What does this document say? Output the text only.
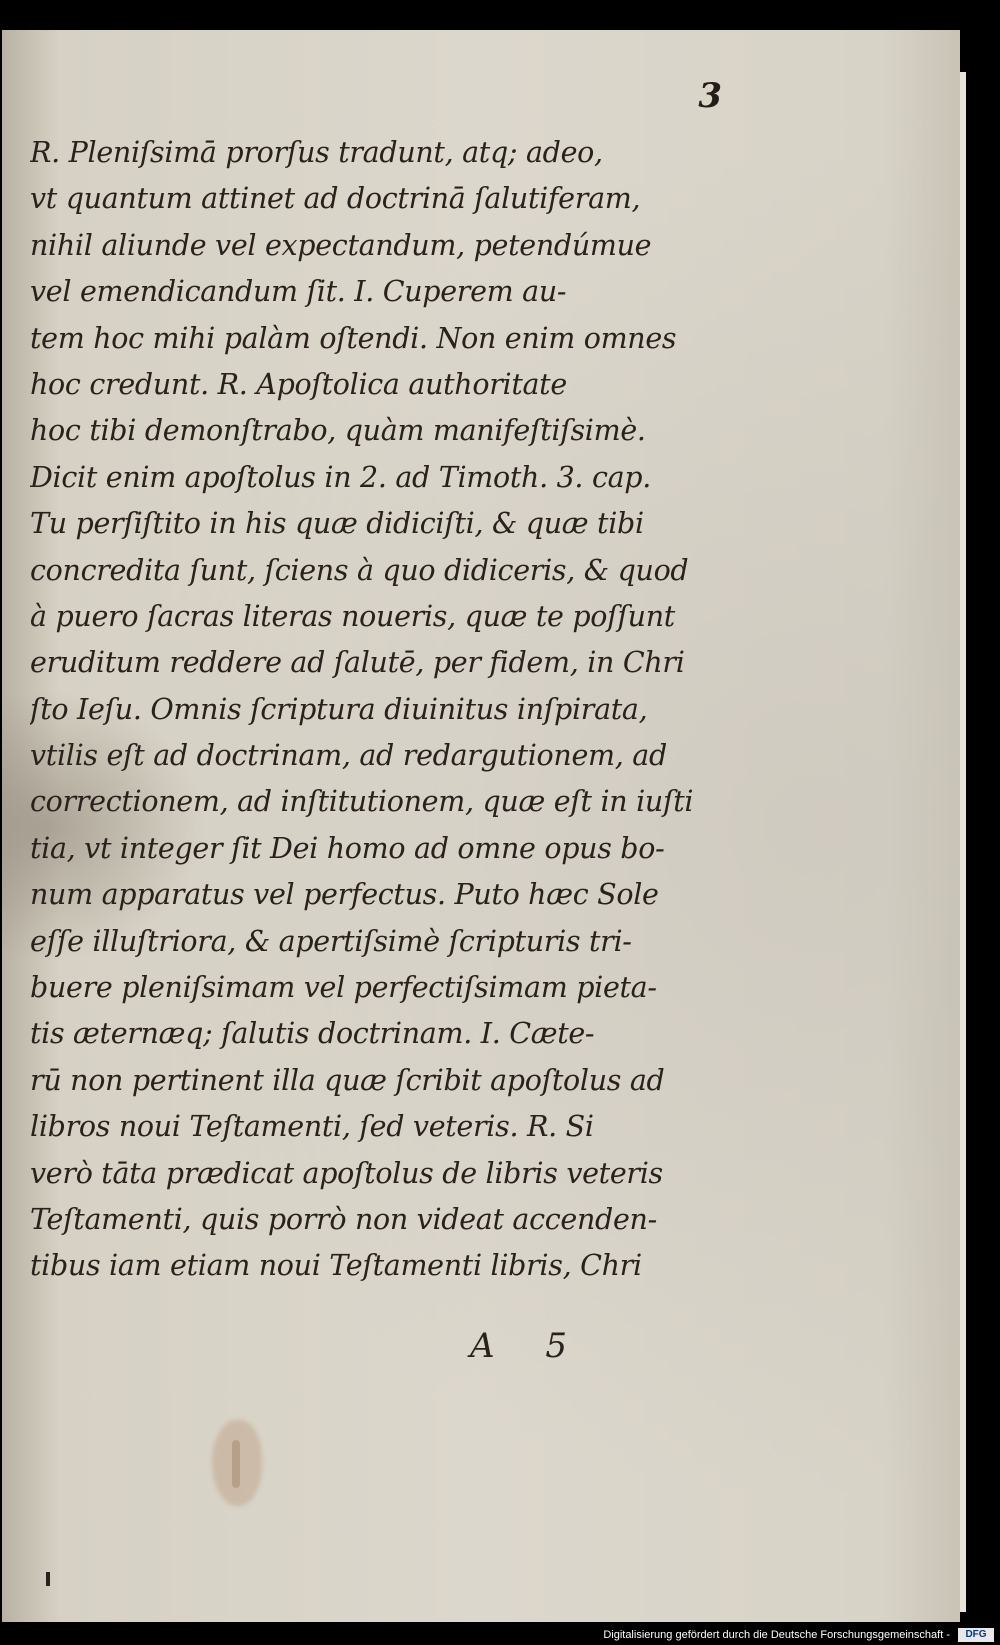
3
R. Pleniſsimā prorſus tradunt, atq; adeo,
vt quantum attinet ad doctrinā ſalutiferam,
nihil aliunde vel expectandum, petendúmue
vel emendicandum ſit. I. Cuperem au-
tem hoc mihi palàm oſtendi. Non enim omnes
hoc credunt. R. Apoſtolica authoritate
hoc tibi demonſtrabo, quàm manifeſtiſsimè.
Dicit enim apoſtolus in 2. ad Timoth. 3. cap.
Tu perſiſtito in his quæ didiciſti, & quæ tibi
concredita ſunt, ſciens à quo didiceris, & quod
à puero ſacras literas noueris, quæ te poſſunt
eruditum reddere ad ſalutē, per fidem, in Chri
ſto Ieſu. Omnis ſcriptura diuinitus inſpirata,
vtilis eſt ad doctrinam, ad redargutionem, ad
correctionem, ad inſtitutionem, quæ eſt in iuſti
tia, vt integer ſit Dei homo ad omne opus bo-
num apparatus vel perfectus. Puto hæc Sole
eſſe illuſtriora, & apertiſsimè ſcripturis tri-
buere pleniſsimam vel perfectiſsimam pieta-
tis æternæq; ſalutis doctrinam. I. Cæte-
rū non pertinent illa quæ ſcribit apoſtolus ad
libros noui Teſtamenti, ſed veteris. R. Si
verò tāta prædicat apoſtolus de libris veteris
Teſtamenti, quis porrò non videat accenden-
tibus iam etiam noui Teſtamenti libris, Chri
A 5
Digitalisierung gefördert durch die Deutsche Forschungsgemeinschaft -	DFG
